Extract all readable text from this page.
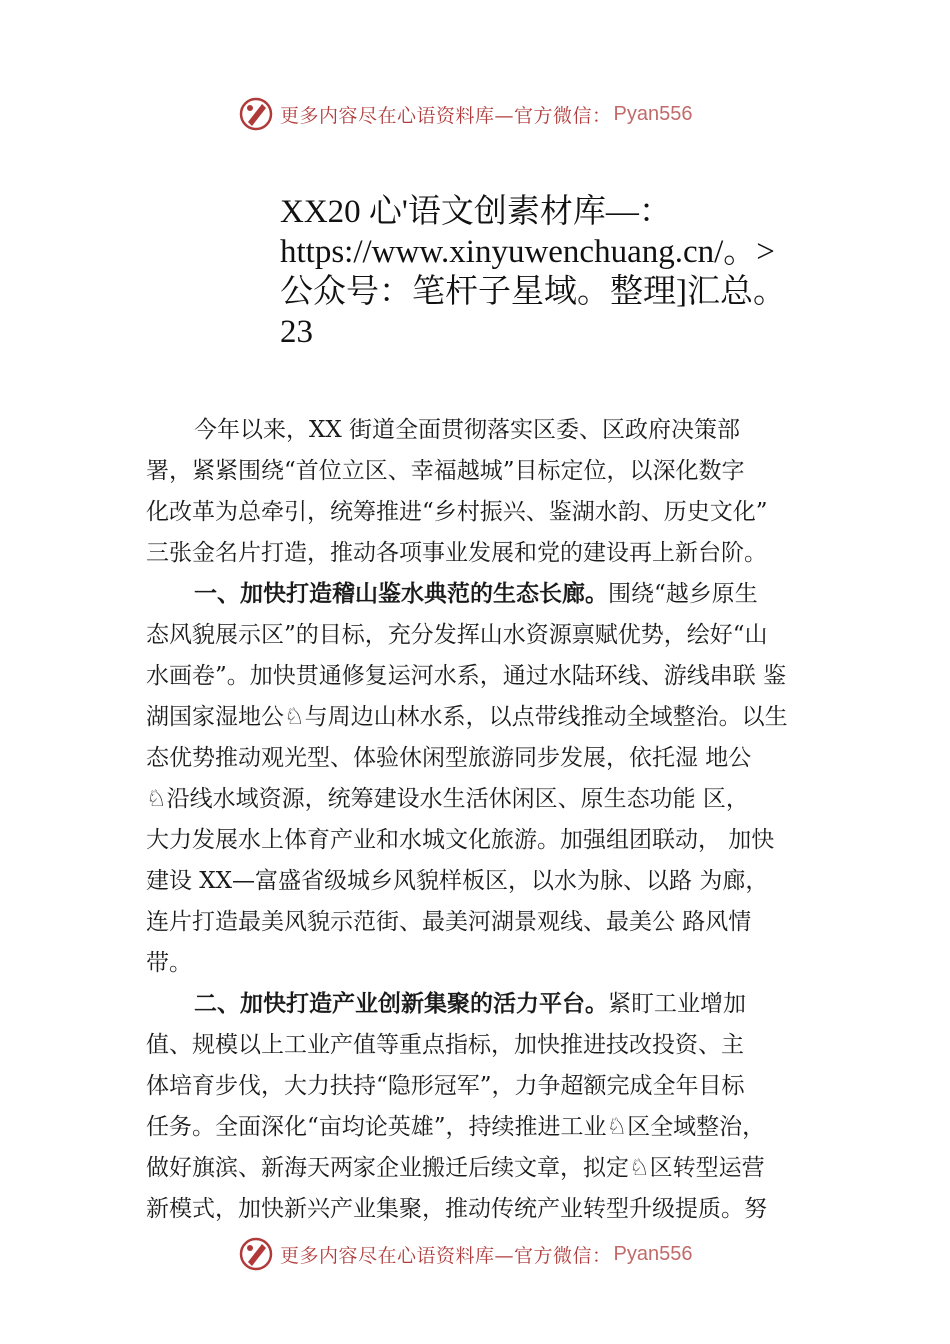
更多内容尽在心语资料库—官方微信： Pyan556
XX20 心'语文创素材库—：
https://www.xinyuwenchuang.cn/。>
公众号：笔杆子星域。整理]汇总。
23
今年以来，XX 街道全面贯彻落实区委、区政府决策部
署，紧紧围绕“首位立区、幸福越城”目标定位，以深化数字
化改革为总牵引，统筹推进“乡村振兴、鉴湖水韵、历史文化”
三张金名片打造，推动各项事业发展和党的建设再上新台阶。
一、加快打造稽山鉴水典范的生态长廊。围绕“越乡原生
态风貌展示区”的目标，充分发挥山水资源禀赋优势，绘好“山
水画卷”。加快贯通修复运河水系，通过水陆环线、游线串联 鉴
湖国家湿地公♘与周边山林水系，以点带线推动全域整治。以生
态优势推动观光型、体验休闲型旅游同步发展，依托湿 地公
♘沿线水域资源，统筹建设水生活休闲区、原生态功能 区，
大力发展水上体育产业和水城文化旅游。加强组团联动， 加快
建设 XX—富盛省级城乡风貌样板区，以水为脉、以路 为廊，
连片打造最美风貌示范街、最美河湖景观线、最美公 路风情
带。
二、加快打造产业创新集聚的活力平台。紧盯工业增加
值、规模以上工业产值等重点指标，加快推进技改投资、主
体培育步伐，大力扶持“隐形冠军”，力争超额完成全年目标
任务。全面深化“亩均论英雄”，持续推进工业♘区全域整治，
做好旗滨、新海天两家企业搬迁后续文章，拟定♘区转型运营
新模式，加快新兴产业集聚，推动传统产业转型升级提质。努
更多内容尽在心语资料库—官方微信： Pyan556
